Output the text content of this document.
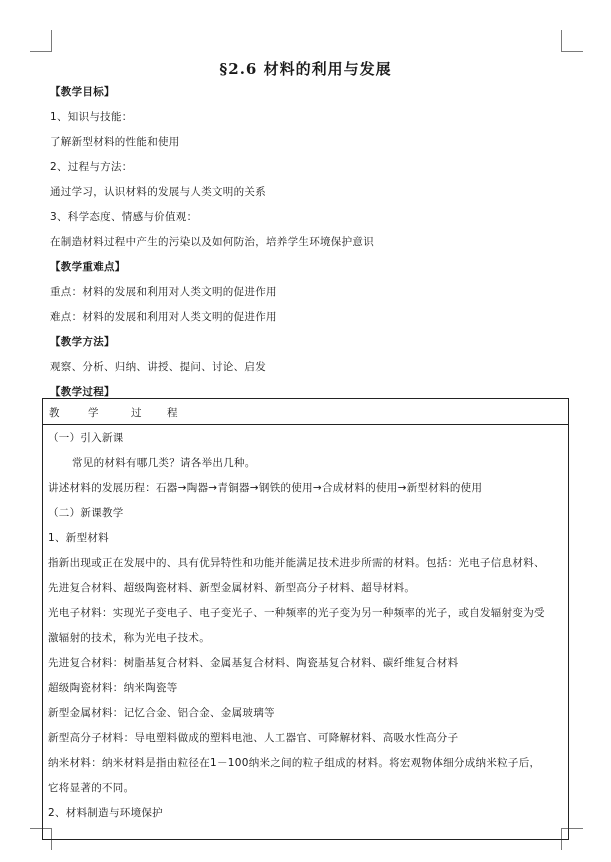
§2.6 材料的利用与发展
【教学目标】
1、知识与技能：
了解新型材料的性能和使用
2、过程与方法：
通过学习，认识材料的发展与人类文明的关系
3、科学态度、情感与价值观：
在制造材料过程中产生的污染以及如何防治，培养学生环境保护意识
【教学重难点】
重点：材料的发展和利用对人类文明的促进作用
难点：材料的发展和利用对人类文明的促进作用
【教学方法】
观察、分析、归纳、讲授、提问、讨论、启发
【教学过程】
教	学	过 程
（一）引入新课
常见的材料有哪几类？请各举出几种。
讲述材料的发展历程：石器→陶器→青铜器→钢铁的使用→合成材料的使用→新型材料的使用
（二）新课教学
1、新型材料
指新出现或正在发展中的、具有优异特性和功能并能满足技术进步所需的材料。包括：光电子信息材料、
先进复合材料、超级陶瓷材料、新型金属材料、新型高分子材料、超导材料。
光电子材料：实现光子变电子、电子变光子、一种频率的光子变为另一种频率的光子，或自发辐射变为受
激辐射的技术，称为光电子技术。
先进复合材料：树脂基复合材料、金属基复合材料、陶瓷基复合材料、碳纤维复合材料
超级陶瓷材料：纳米陶瓷等
新型金属材料：记忆合金、铝合金、金属玻璃等
新型高分子材料：导电塑料做成的塑料电池、人工器官、可降解材料、高吸水性高分子
纳米材料：纳米材料是指由粒径在1－100纳米之间的粒子组成的材料。将宏观物体细分成纳米粒子后，
它将显著的不同。
2、材料制造与环境保护
